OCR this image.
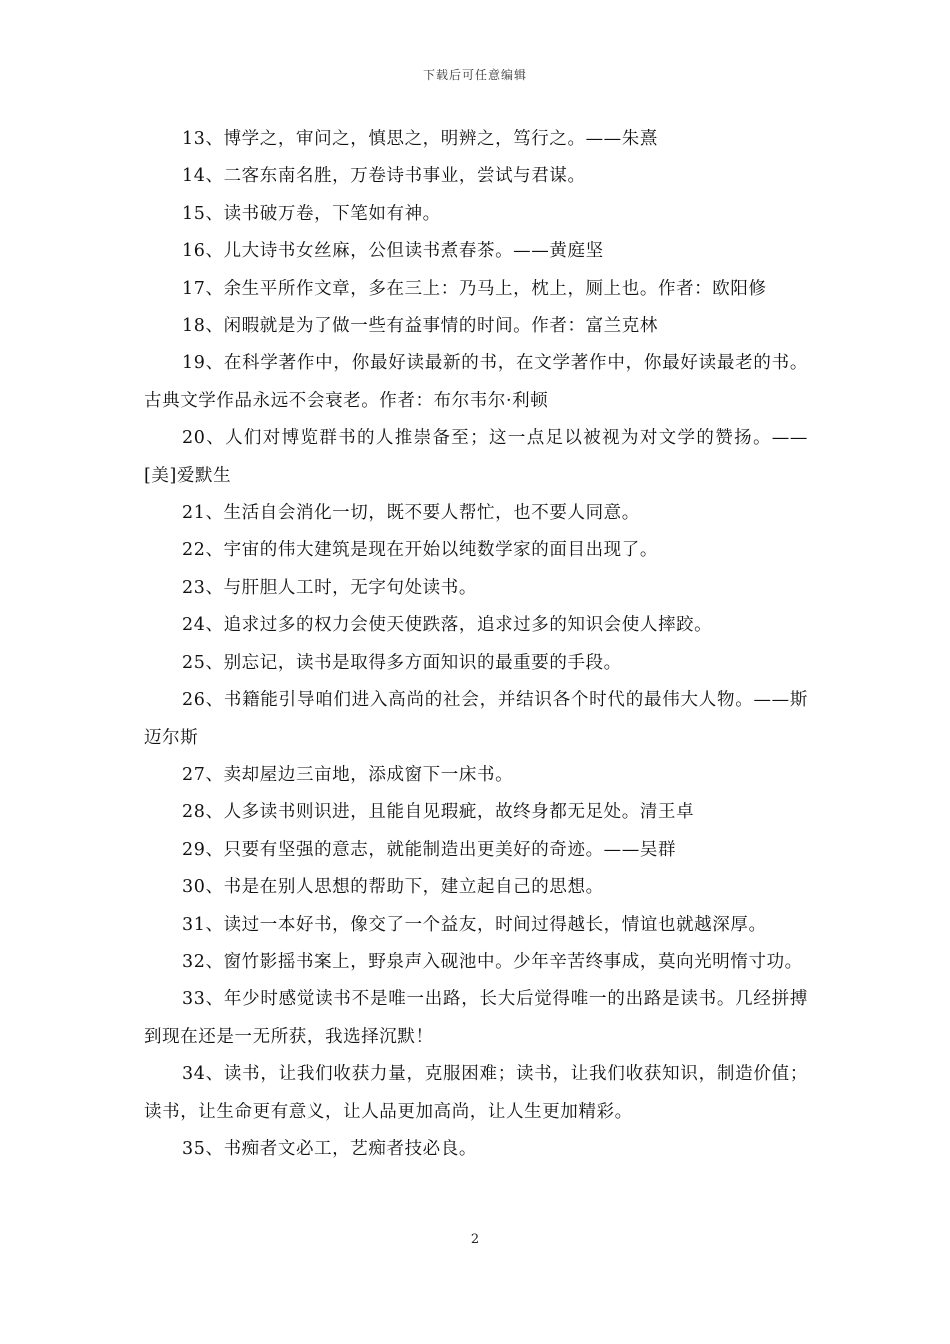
下载后可任意编辑

13、博学之，审问之，慎思之，明辨之，笃行之。——朱熹

14、二客东南名胜，万卷诗书事业，尝试与君谋。

15、读书破万卷，下笔如有神。

16、儿大诗书女丝麻，公但读书煮春茶。——黄庭坚

17、余生平所作文章，多在三上：乃马上，枕上，厕上也。作者：欧阳修

18、闲暇就是为了做一些有益事情的时间。作者：富兰克林

19、在科学著作中，你最好读最新的书，在文学著作中，你最好读最老的书。古典文学作品永远不会衰老。作者：布尔韦尔·利顿

20、人们对博览群书的人推崇备至；这一点足以被视为对文学的赞扬。——[美]爱默生

21、生活自会消化一切，既不要人帮忙，也不要人同意。

22、宇宙的伟大建筑是现在开始以纯数学家的面目出现了。

23、与肝胆人工时，无字句处读书。

24、追求过多的权力会使天使跌落，追求过多的知识会使人摔跤。

25、别忘记，读书是取得多方面知识的最重要的手段。

26、书籍能引导咱们进入高尚的社会，并结识各个时代的最伟大人物。——斯迈尔斯

27、卖却屋边三亩地，添成窗下一床书。

28、人多读书则识进，且能自见瑕疵，故终身都无足处。清王卓

29、只要有坚强的意志，就能制造出更美好的奇迹。——吴群

30、书是在别人思想的帮助下，建立起自己的思想。

31、读过一本好书，像交了一个益友，时间过得越长，情谊也就越深厚。

32、窗竹影摇书案上，野泉声入砚池中。少年辛苦终事成，莫向光明惰寸功。

33、年少时感觉读书不是唯一出路，长大后觉得唯一的出路是读书。几经拼搏到现在还是一无所获，我选择沉默！

34、读书，让我们收获力量，克服困难；读书，让我们收获知识，制造价值；读书，让生命更有意义，让人品更加高尚，让人生更加精彩。

35、书痴者文必工，艺痴者技必良。

2
